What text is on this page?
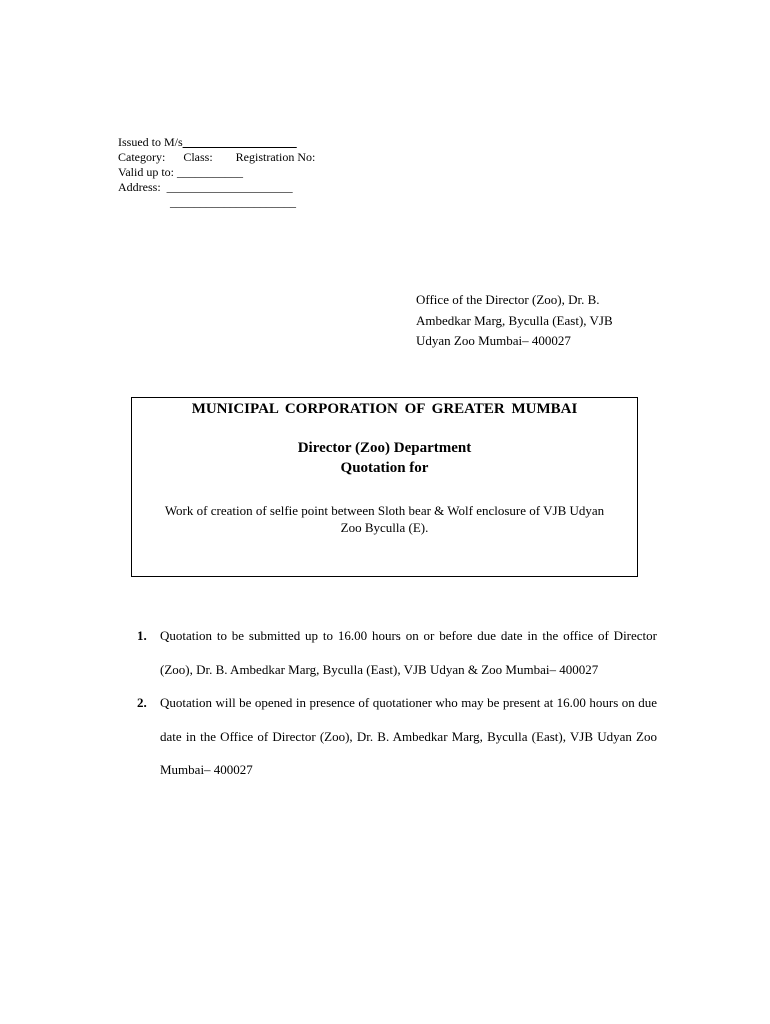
Issued to M/s___________________
Category: Class: Registration No:
Valid up to: ___________
Address: _____________________
_____________________
Office of the Director (Zoo), Dr. B.
Ambedkar Marg, Byculla (East), VJB
Udyan Zoo Mumbai– 400027
MUNICIPAL CORPORATION OF GREATER MUMBAI
Director (Zoo) Department
Quotation for
Work of creation of selfie point between Sloth bear & Wolf enclosure of VJB Udyan
Zoo Byculla (E).
1. Quotation to be submitted up to 16.00 hours on or before due date in the office of Director (Zoo), Dr. B. Ambedkar Marg, Byculla (East), VJB Udyan & Zoo Mumbai– 400027
2. Quotation will be opened in presence of quotationer who may be present at 16.00 hours on due date in the Office of Director (Zoo), Dr. B. Ambedkar Marg, Byculla (East), VJB Udyan Zoo Mumbai– 400027
